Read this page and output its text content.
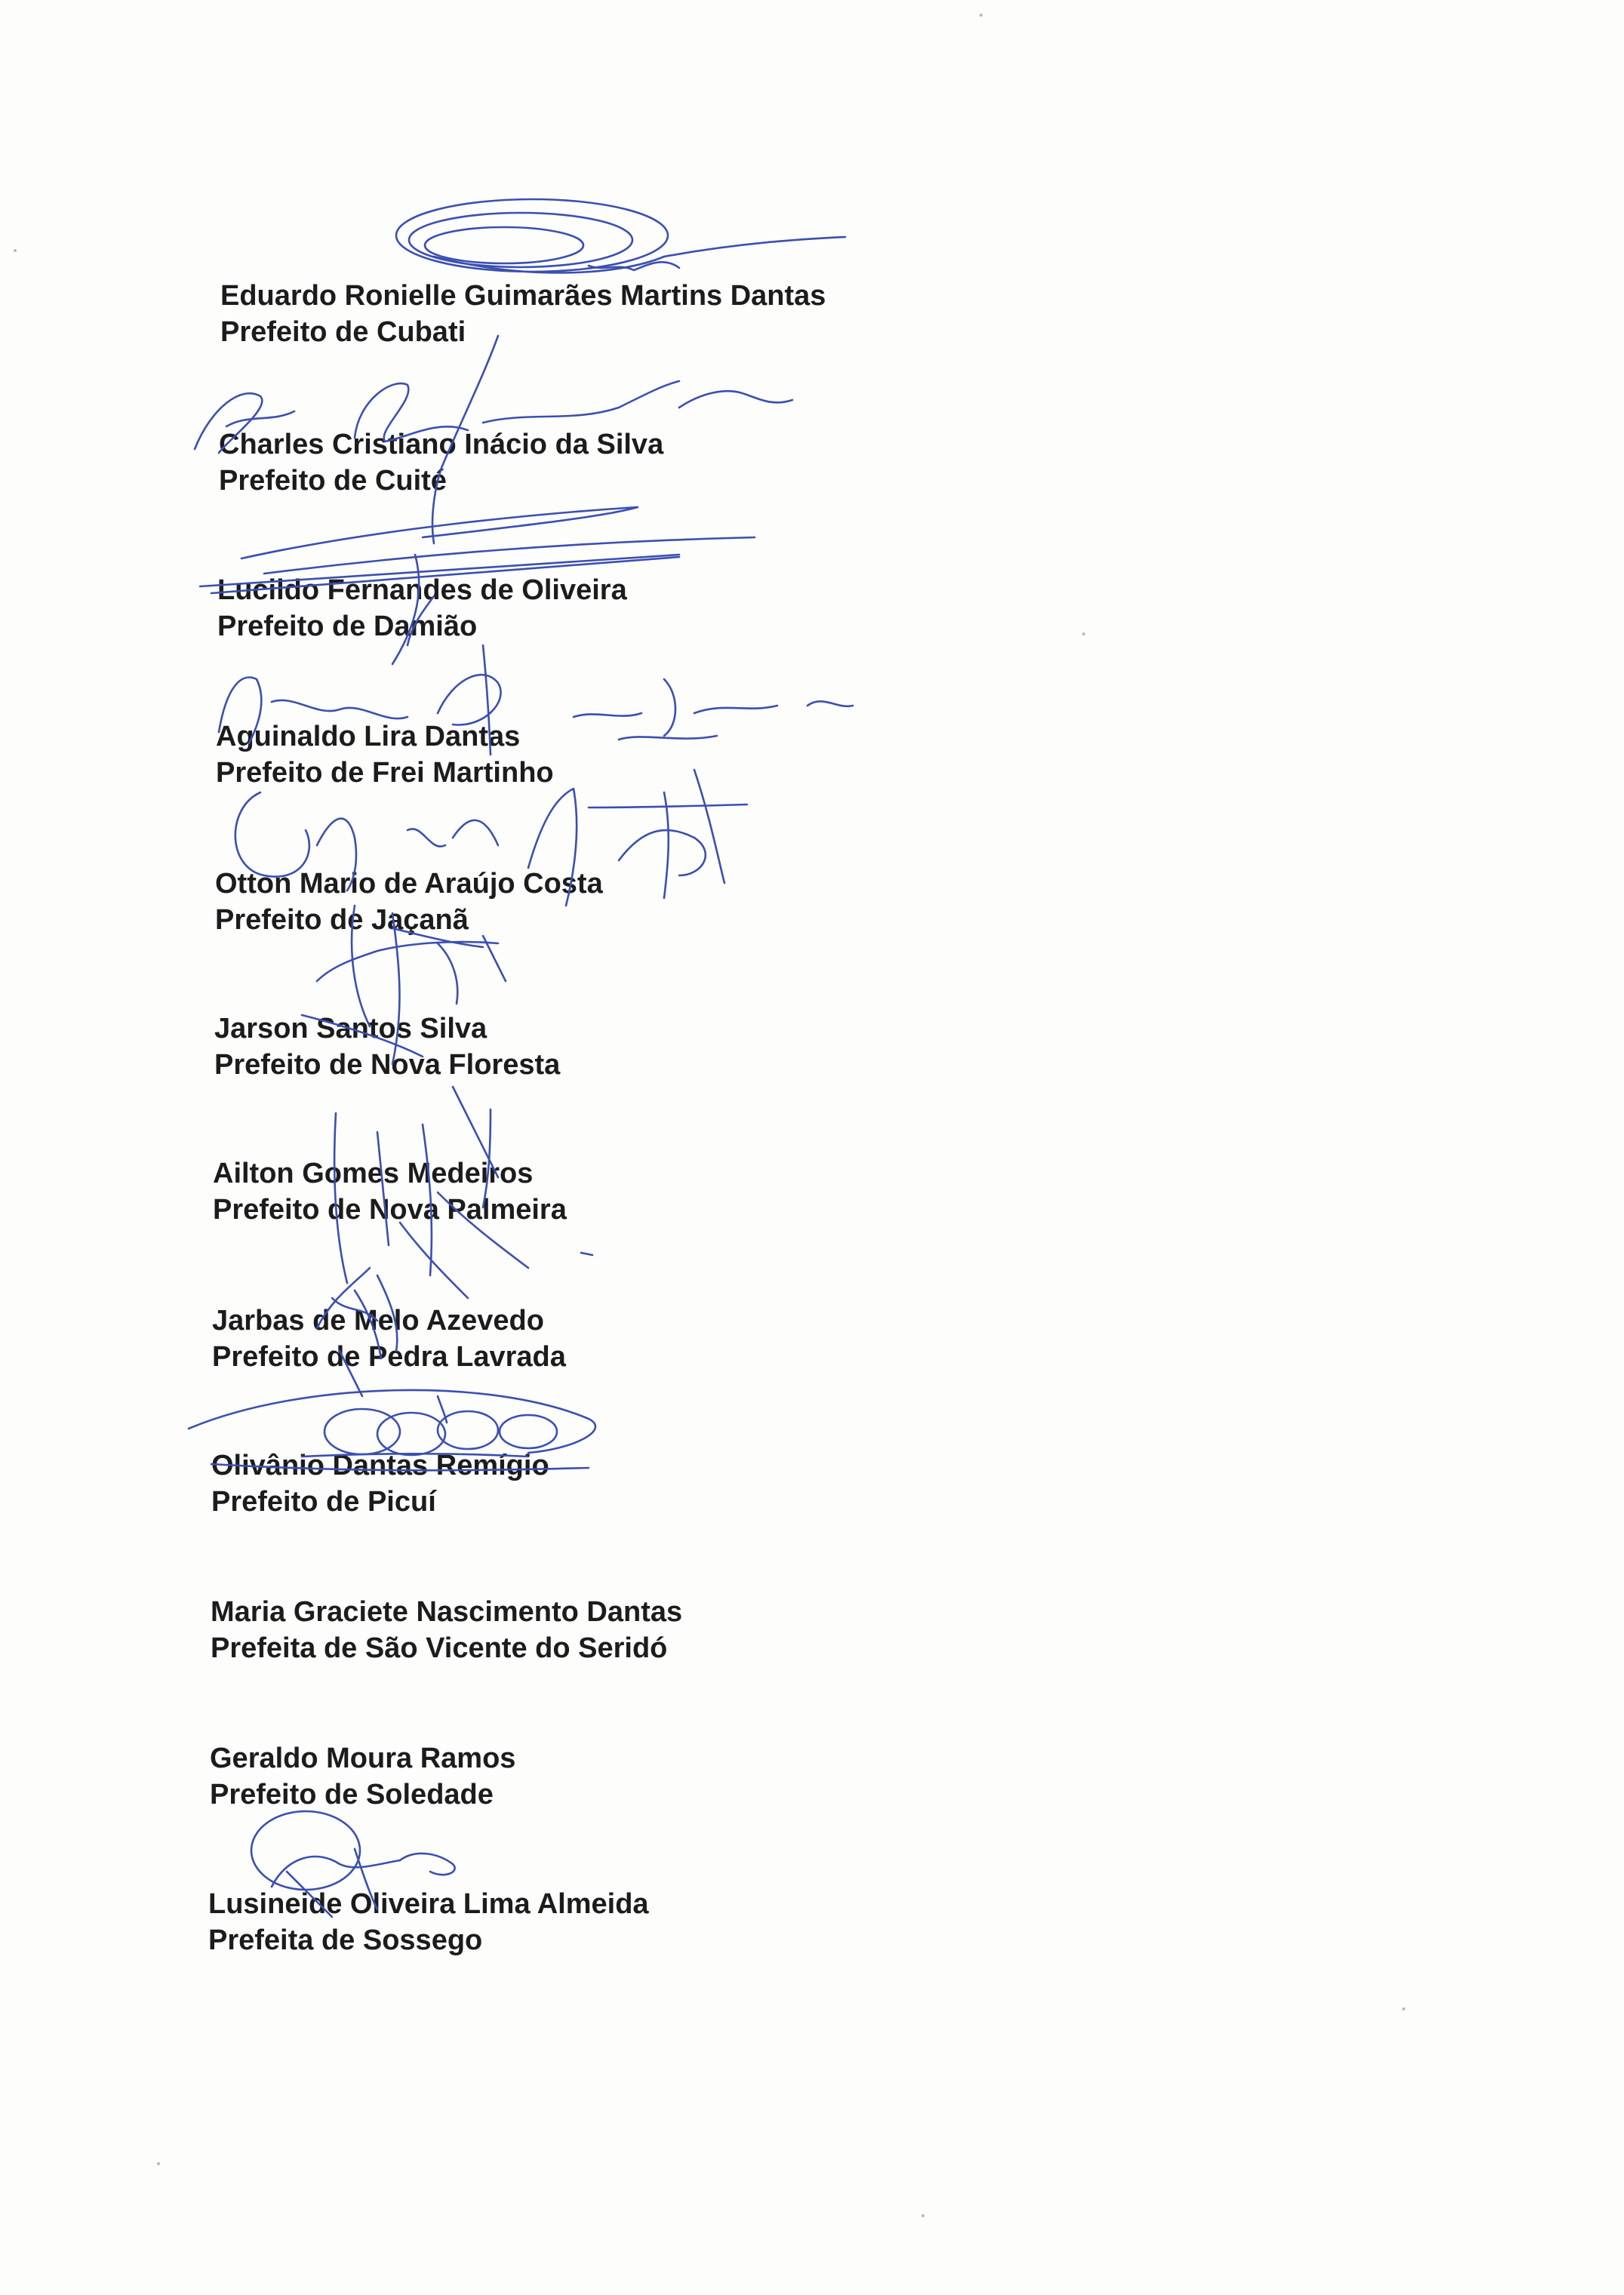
Eduardo Ronielle Guimarães Martins Dantas
Prefeito de Cubati
Charles Cristiano Inácio da Silva
Prefeito de Cuité
Lucildo Fernandes de Oliveira
Prefeito de Damião
Aguinaldo Lira Dantas
Prefeito de Frei Martinho
Otton Mario de Araújo Costa
Prefeito de Jaçanã
Jarson Santos Silva
Prefeito de Nova Floresta
Ailton Gomes Medeiros
Prefeito de Nova Palmeira
Jarbas de Melo Azevedo
Prefeito de Pedra Lavrada
Olivânio Dantas Remígio
Prefeito de Picuí
Maria Graciete Nascimento Dantas
Prefeita de São Vicente do Seridó
Geraldo Moura Ramos
Prefeito de Soledade
Lusineide Oliveira Lima Almeida
Prefeita de Sossego
